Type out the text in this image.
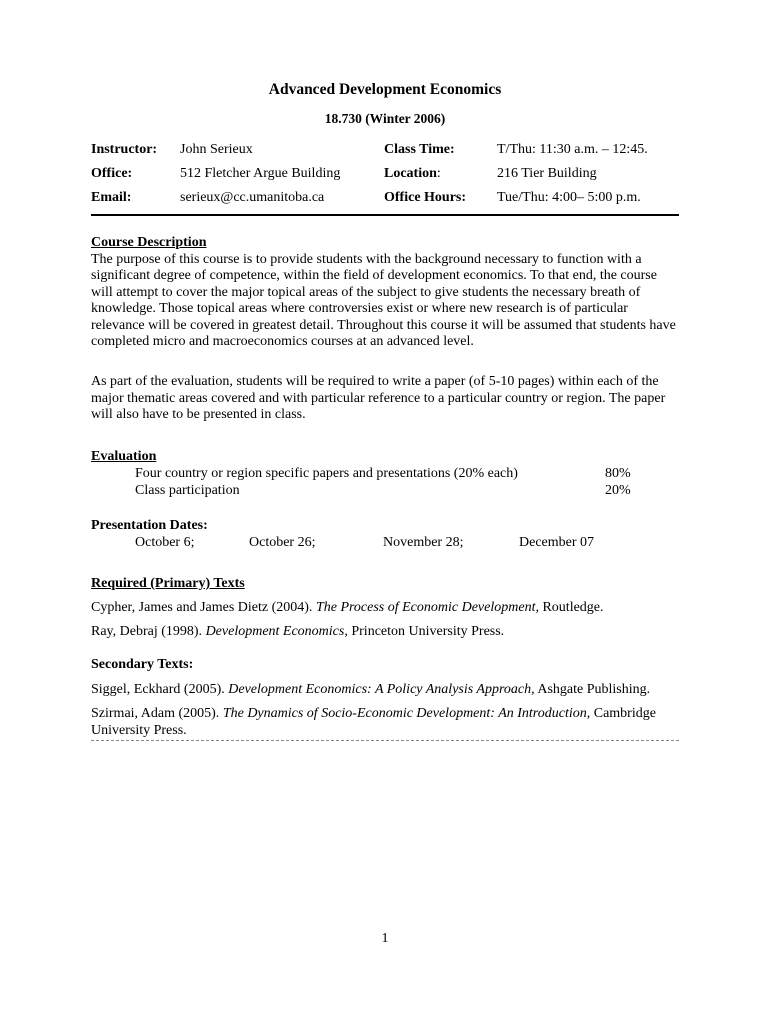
Advanced Development Economics
18.730 (Winter 2006)
Instructor: John Serieux	Class Time:	T/Thu: 11:30 a.m. – 12:45.
Office:	512 Fletcher Argue Building	Location:	216 Tier Building
Email:	serieux@cc.umanitoba.ca	Office Hours: Tue/Thu: 4:00– 5:00 p.m.
Course Description

The purpose of this course is to provide students with the background necessary to function with a significant degree of competence, within the field of development economics. To that end, the course will attempt to cover the major topical areas of the subject to give students the necessary breath of knowledge. Those topical areas where controversies exist or where new research is of particular relevance will be covered in greatest detail. Throughout this course it will be assumed that students have completed micro and macroeconomics courses at an advanced level.

As part of the evaluation, students will be required to write a paper (of 5-10 pages) within each of the major thematic areas covered and with particular reference to a particular country or region. The paper will also have to be presented in class.

Evaluation
Four country or region specific papers and presentations (20% each)	80%
Class participation	20%
Presentation Dates:
October 6;	October 26;	November 28;	December 07
Required (Primary) Texts

Cypher, James and James Dietz (2004). The Process of Economic Development, Routledge.

Ray, Debraj (1998). Development Economics, Princeton University Press.

Secondary Texts:

Siggel, Eckhard (2005). Development Economics: A Policy Analysis Approach, Ashgate Publishing.

Szirmai, Adam (2005). The Dynamics of Socio-Economic Development: An Introduction, Cambridge University Press.

1
